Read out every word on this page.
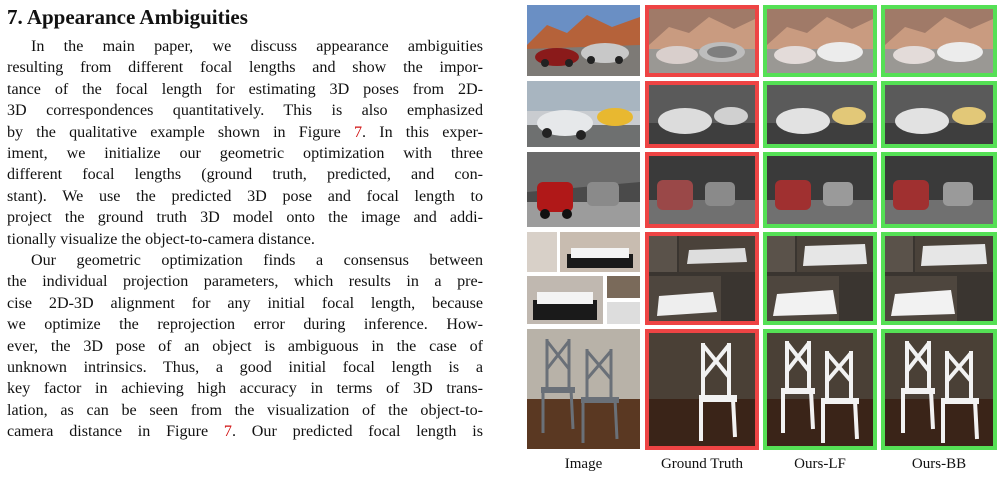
7. Appearance Ambiguities

In the main paper, we discuss appearance ambiguities
resulting from different focal lengths and show the impor-
tance of the focal length for estimating 3D poses from 2D-
3D correspondences quantitatively. This is also emphasized
by the qualitative example shown in Figure 7. In this exper-
iment, we initialize our geometric optimization with three
different focal lengths (ground truth, predicted, and con-
stant). We use the predicted 3D pose and focal length to
project the ground truth 3D model onto the image and addi-
tionally visualize the object-to-camera distance.

Our geometric optimization finds a consensus between
the individual projection parameters, which results in a pre-
cise 2D-3D alignment for any initial focal length, because
we optimize the reprojection error during inference. How-
ever, the 3D pose of an object is ambiguous in the case of
unknown intrinsics. Thus, a good initial focal length is a
key factor in achieving high accuracy in terms of 3D trans-
lation, as can be seen from the visualization of the object-to-
camera distance in Figure 7. Our predicted focal length is

Image	Ground Truth	Ours-LF	Ours-BB
